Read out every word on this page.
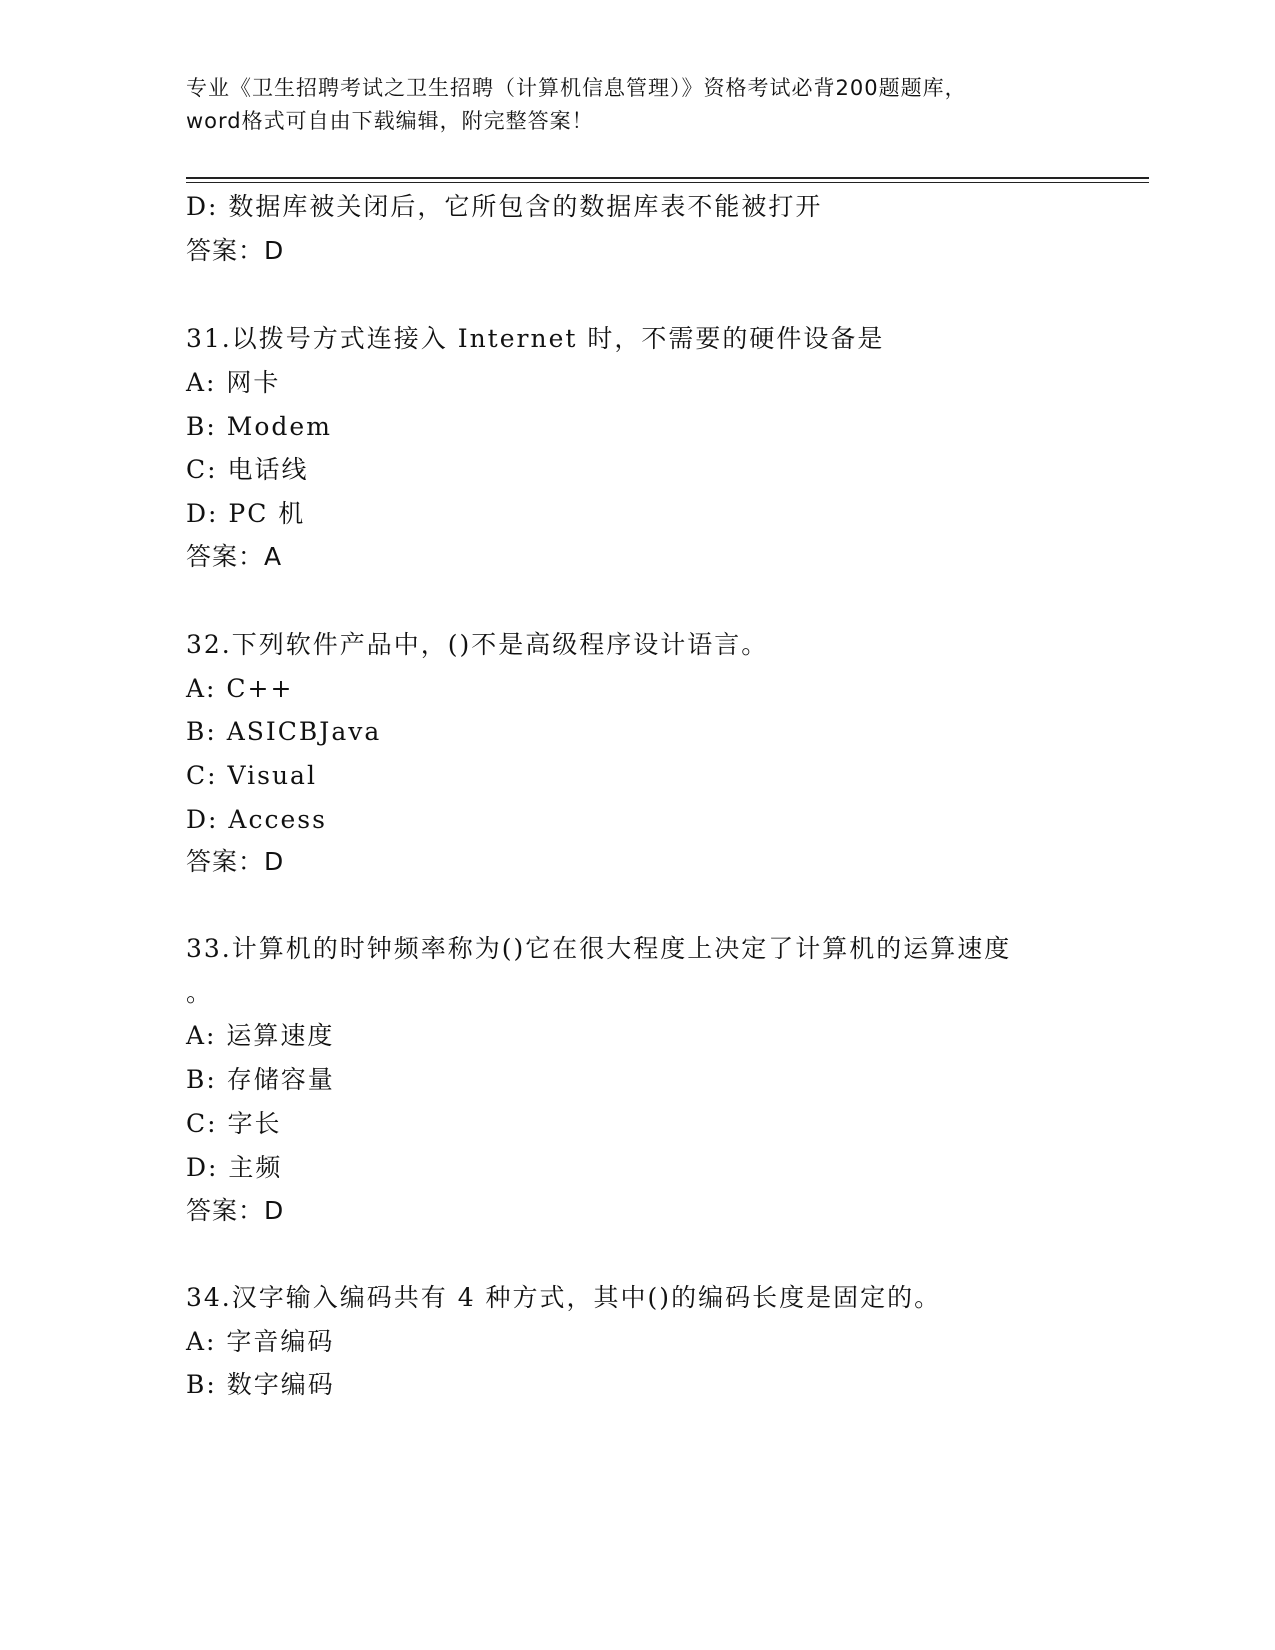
专业《卫生招聘考试之卫生招聘（计算机信息管理）》资格考试必背200题题库，
word格式可自由下载编辑，附完整答案！
D: 数据库被关闭后，它所包含的数据库表不能被打开
答案：D
31.以拨号方式连接入 Internet 时，不需要的硬件设备是
A: 网卡
B: Modem
C: 电话线
D: PC 机
答案：A
32.下列软件产品中，()不是高级程序设计语言。
A: C++
B: ASICBJava
C: Visual
D: Access
答案：D
33.计算机的时钟频率称为()它在很大程度上决定了计算机的运算速度
。
A: 运算速度
B: 存储容量
C: 字长
D: 主频
答案：D
34.汉字输入编码共有 4 种方式，其中()的编码长度是固定的。
A: 字音编码
B: 数字编码
